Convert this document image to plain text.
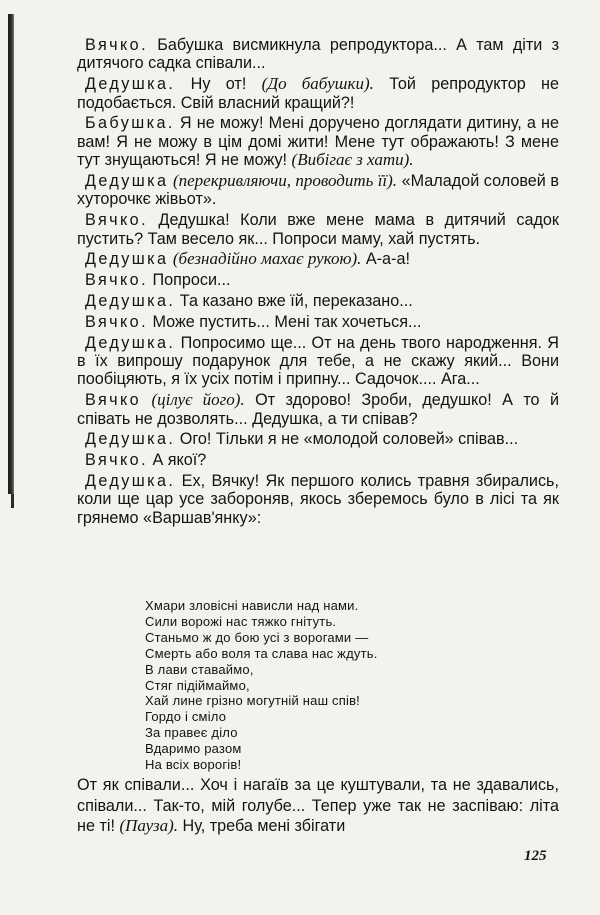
Вячко. Бабушка висмикнула репродуктора... А там діти з дитячого садка співали...

Дедушка. Ну от! (До бабушки). Той репродуктор не подобається. Свій власний кращий?!

Бабушка. Я не можу! Мені доручено доглядати дитину, а не вам! Я не можу в цім домі жити! Мене тут ображають! З мене тут знущаються! Я не можу! (Вибігає з хати).

Дедушка (перекривляючи, проводить її). «Маладой соловей в хуторочкє жівьот».

Вячко. Дедушка! Коли вже мене мама в дитячий садок пустить? Там весело як... Попроси маму, хай пустять.

Дедушка (безнадійно махає рукою). А-а-а!

Вячко. Попроси...

Дедушка. Та казано вже їй, переказано...

Вячко. Може пустить... Мені так хочеться...

Дедушка. Попросимо ще... От на день твого народження. Я в їх випрошу подарунок для тебе, а не скажу який... Вони пообіцяють, я їх усіх потім і припну... Садочок.... Ага...

Вячко (цілує його). От здорово! Зроби, дедушко! А то й співать не дозволять... Дедушка, а ти співав?

Дедушка. Ого! Тільки я не «молодой соловей» співав...

Вячко. А якої?

Дедушка. Ех, Вячку! Як першого колись травня збирались, коли ще цар усе забороняв, якось зберемось було в лісі та як грянемо «Варшав'янку»:

Хмари зловісні нависли над нами.
Сили ворожі нас тяжко гнітуть.
Станьмо ж до бою усі з ворогами —
Смерть або воля та слава нас ждуть.
В лави ставаймо,
Стяг підіймаймо,
Хай лине грізно могутній наш спів!
Гордо і сміло
За правеє діло
Вдаримо разом
На всіх ворогів!

От як співали... Хоч і нагаїв за це куштували, та не здавались, співали... Так-то, мій голубе... Тепер уже так не заспіваю: літа не ті! (Пауза). Ну, треба мені збігати

125
